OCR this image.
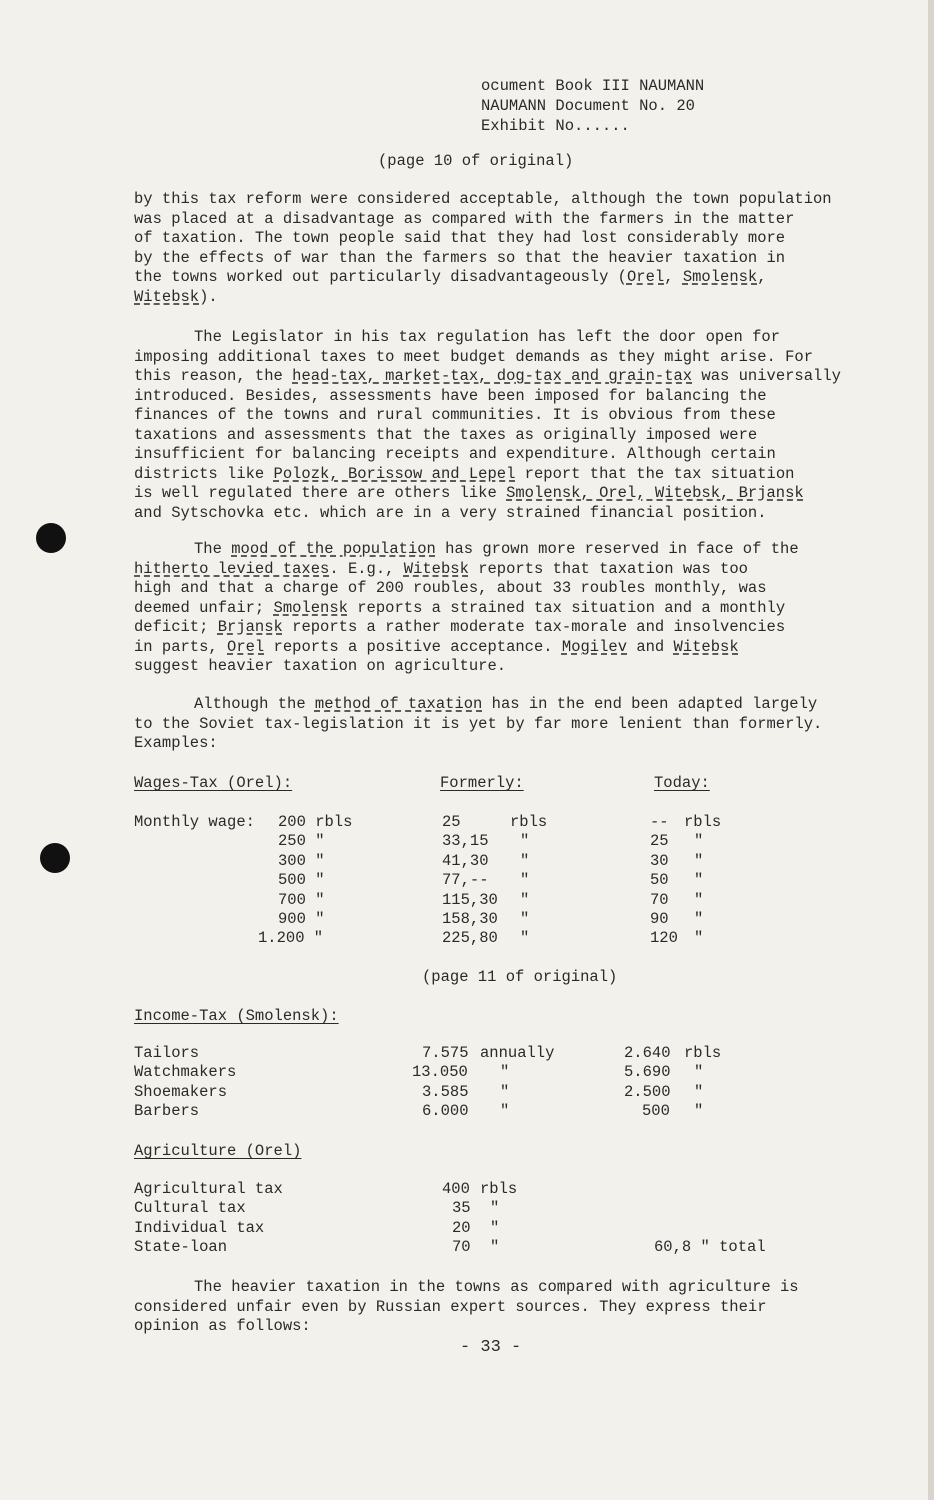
ocument Book III NAUMANN
NAUMANN Document No. 20
Exhibit No......
(page 10 of original)
by this tax reform were considered acceptable, although the town population
was placed at a disadvantage as compared with the farmers in the matter
of taxation. The town people said that they had lost considerably more
by the effects of war than the farmers so that the heavier taxation in
the towns worked out particularly disadvantageously (Orel, Smolensk,
Witebsk).
The Legislator in his tax regulation has left the door open for
imposing additional taxes to meet budget demands as they might arise. For
this reason, the head-tax, market-tax, dog-tax and grain-tax was universally
introduced. Besides, assessments have been imposed for balancing the
finances of the towns and rural communities. It is obvious from these
taxations and assessments that the taxes as originally imposed were
insufficient for balancing receipts and expenditure. Although certain
districts like Polozk, Borissow and Lepel report that the tax situation
is well regulated there are others like Smolensk, Orel, Witebsk, Brjansk
and Sytschovka etc. which are in a very strained financial position.
The mood of the population has grown more reserved in face of the
hitherto levied taxes. E.g., Witebsk reports that taxation was too
high and that a charge of 200 roubles, about 33 roubles monthly, was
deemed unfair; Smolensk reports a strained tax situation and a monthly
deficit; Brjansk reports a rather moderate tax-morale and insolvencies
in parts, Orel reports a positive acceptance. Mogilev and Witebsk
suggest heavier taxation on agriculture.
Although the method of taxation has in the end been adapted largely
to the Soviet tax-legislation it is yet by far more lenient than formerly.
Examples:
Wages-Tax (Orel):	Formerly:	Today:
Monthly wage: 200 rbls	25	rbls	-- rbls
250 "	33,15 "	25 "
300 "	41,30 "	30 "
500 "	77,-- "	50 "
700 "	115,30 "	70 "
900 "	158,30 "	90 "
1.200 "	225,80 "	120 "
(page 11 of original)
Income-Tax (Smolensk):
Tailors	7.575 annually	2.640 rbls
Watchmakers	13.050 "	5.690 "
Shoemakers	3.585 "	2.500 "
Barbers	6.000 "	500 "
Agriculture (Orel)
Agricultural tax	400 rbls
Cultural tax	35 "
Individual tax	20 "
State-loan	70 "	60,8 " total
The heavier taxation in the towns as compared with agriculture is
considered unfair even by Russian expert sources. They express their
opinion as follows:
- 33 -
